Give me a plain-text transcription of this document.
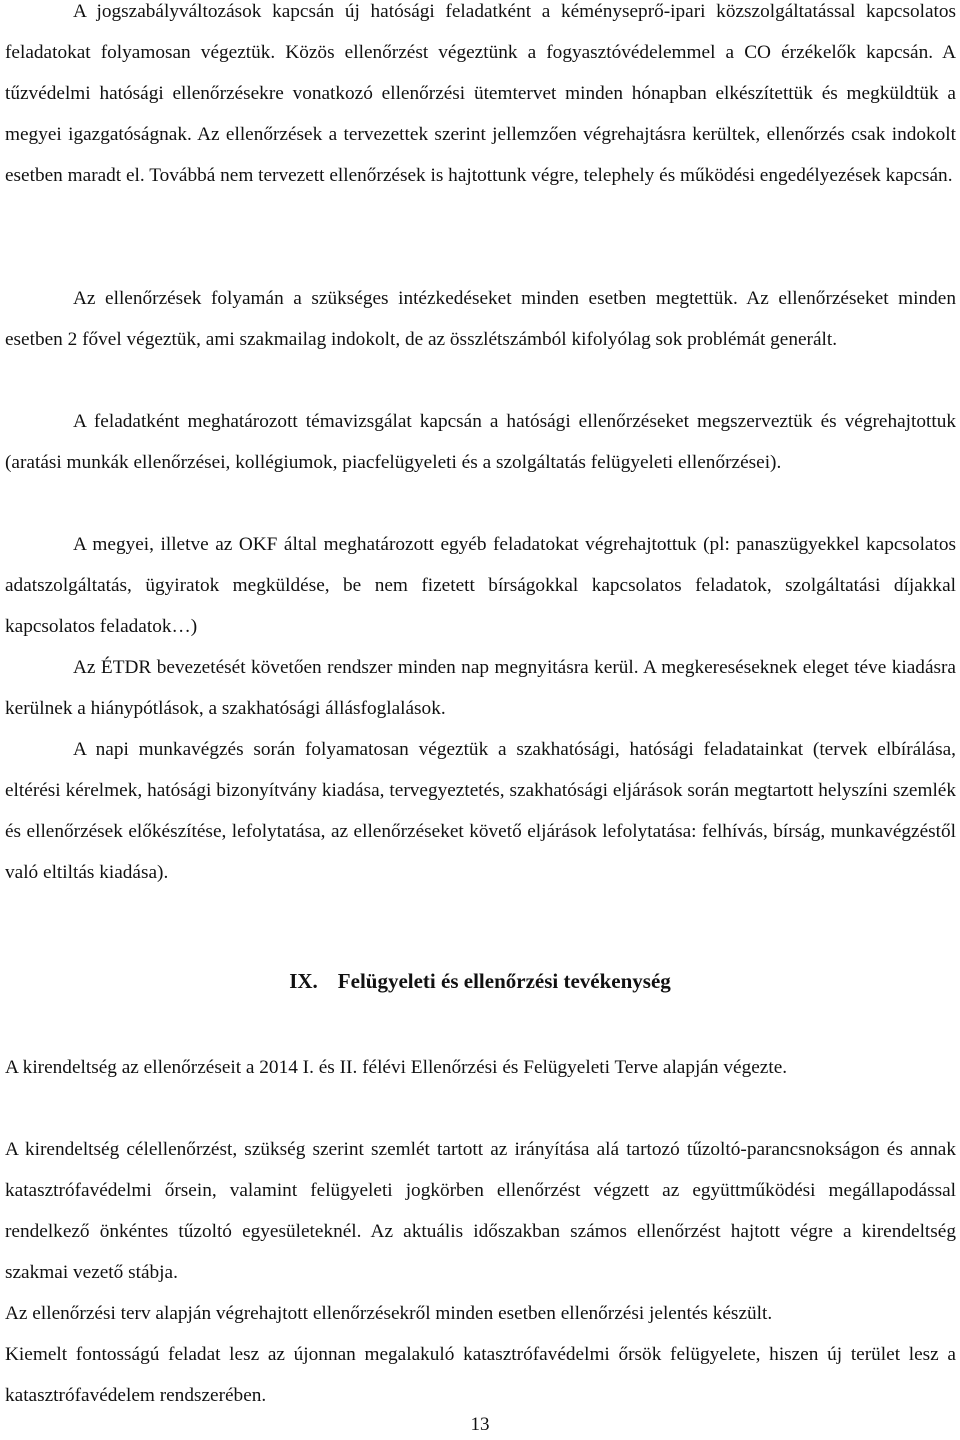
A jogszabályváltozások kapcsán új hatósági feladatként a kéményseprő-ipari közszolgáltatással kapcsolatos feladatokat folyamosan végeztük. Közös ellenőrzést végeztünk a fogyasztóvédelemmel a CO érzékelők kapcsán. A tűzvédelmi hatósági ellenőrzésekre vonatkozó ellenőrzési ütemtervet minden hónapban elkészítettük és megküldtük a megyei igazgatóságnak. Az ellenőrzések a tervezettek szerint jellemzően végrehajtásra kerültek, ellenőrzés csak indokolt esetben maradt el. Továbbá nem tervezett ellenőrzések is hajtottunk végre, telephely és működési engedélyezések kapcsán.

Az ellenőrzések folyamán a szükséges intézkedéseket minden esetben megtettük. Az ellenőrzéseket minden esetben 2 fővel végeztük, ami szakmailag indokolt, de az összlétszámból kifolyólag sok problémát generált.

A feladatként meghatározott témavizsgálat kapcsán a hatósági ellenőrzéseket megszerveztük és végrehajtottuk (aratási munkák ellenőrzései, kollégiumok, piacfelügyeleti és a szolgáltatás felügyeleti ellenőrzései).

A megyei, illetve az OKF által meghatározott egyéb feladatokat végrehajtottuk (pl: panaszügyekkel kapcsolatos adatszolgáltatás, ügyiratok megküldése, be nem fizetett bírságokkal kapcsolatos feladatok, szolgáltatási díjakkal kapcsolatos feladatok…)

Az ÉTDR bevezetését követően rendszer minden nap megnyitásra kerül. A megkereséseknek eleget téve kiadásra kerülnek a hiánypótlások, a szakhatósági állásfoglalások.

A napi munkavégzés során folyamatosan végeztük a szakhatósági, hatósági feladatainkat (tervek elbírálása, eltérési kérelmek, hatósági bizonyítvány kiadása, tervegyeztetés, szakhatósági eljárások során megtartott helyszíni szemlék és ellenőrzések előkészítése, lefolytatása, az ellenőrzéseket követő eljárások lefolytatása: felhívás, bírság, munkavégzéstől való eltiltás kiadása).

IX. Felügyeleti és ellenőrzési tevékenység

A kirendeltség az ellenőrzéseit a 2014 I. és II. félévi Ellenőrzési és Felügyeleti Terve alapján végezte.

A kirendeltség célellenőrzést, szükség szerint szemlét tartott az irányítása alá tartozó tűzoltó-parancsnokságon és annak katasztrófavédelmi őrsein, valamint felügyeleti jogkörben ellenőrzést végzett az együttműködési megállapodással rendelkező önkéntes tűzoltó egyesületeknél. Az aktuális időszakban számos ellenőrzést hajtott végre a kirendeltség szakmai vezető stábja.

Az ellenőrzési terv alapján végrehajtott ellenőrzésekről minden esetben ellenőrzési jelentés készült.

Kiemelt fontosságú feladat lesz az újonnan megalakuló katasztrófavédelmi őrsök felügyelete, hiszen új terület lesz a katasztrófavédelem rendszerében.

13
